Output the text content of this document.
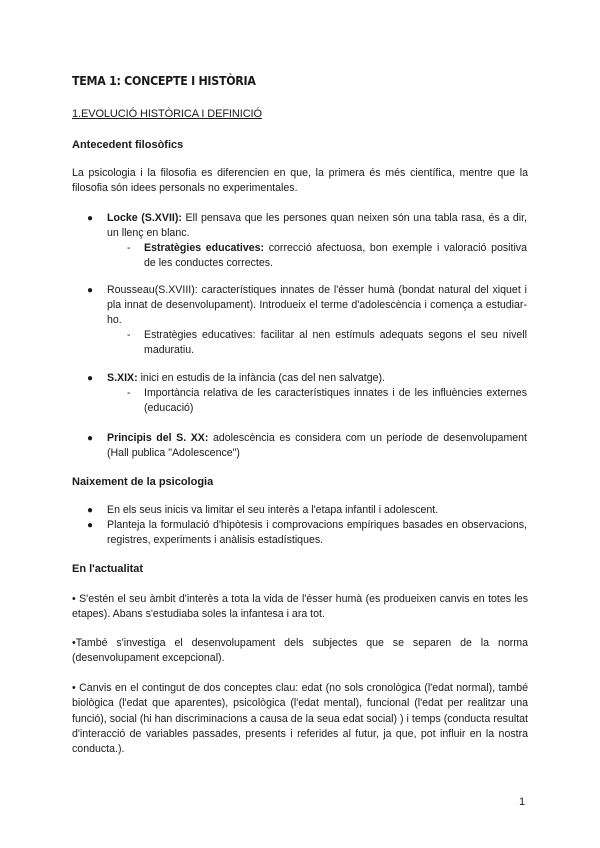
TEMA 1: CONCEPTE I HISTÒRIA

1.EVOLUCIÓ HISTÒRICA I DEFINICIÓ

Antecedent filosòfics

La psicologia i la filosofia es diferencien en que, la primera és més científica, mentre que la filosofia són idees personals no experimentales.

● Locke (S.XVII): Ell pensava que les persones quan neixen són una tabla rasa, és a dir, un llenç en blanc.
- Estratègies educatives: correcció afectuosa, bon exemple i valoració positiva de les conductes correctes.
● Rousseau(S.XVIII): característiques innates de l'ésser humà (bondat natural del xiquet i pla innat de desenvolupament). Introdueix el terme d'adolescència i comença a estudiar-ho.
- Estratègies educatives: facilitar al nen estímuls adequats segons el seu nivell maduratiu.
● S.XIX: inici en estudis de la infància (cas del nen salvatge).
- Importància relativa de les característiques innates i de les influències externes (educació)
● Principis del S. XX: adolescència es considera com un període de desenvolupament (Hall publica "Adolescence")

Naixement de la psicologia

● En els seus inicis va limitar el seu interès a l'etapa infantil i adolescent.
● Planteja la formulació d'hipòtesis i comprovacions empíriques basades en observacions, registres, experiments i anàlisis estadístiques.

En l'actualitat

• S'estén el seu àmbit d'interès a tota la vida de l'ésser humà (es produeixen canvis en totes les etapes). Abans s'estudiaba soles la infantesa i ara tot.

•També s'investiga el desenvolupament dels subjectes que se separen de la norma (desenvolupament excepcional).

• Canvis en el contingut de dos conceptes clau: edat (no sols cronològica (l'edat normal), també biològica (l'edat que aparentes), psicològica (l'edat mental), funcional (l'edat per realitzar una funció), social (hi han discriminacions a causa de la seua edat social) ) i temps (conducta resultat d'interacció de variables passades, presents i referides al futur, ja que, pot influir en la nostra conducta.).

1
